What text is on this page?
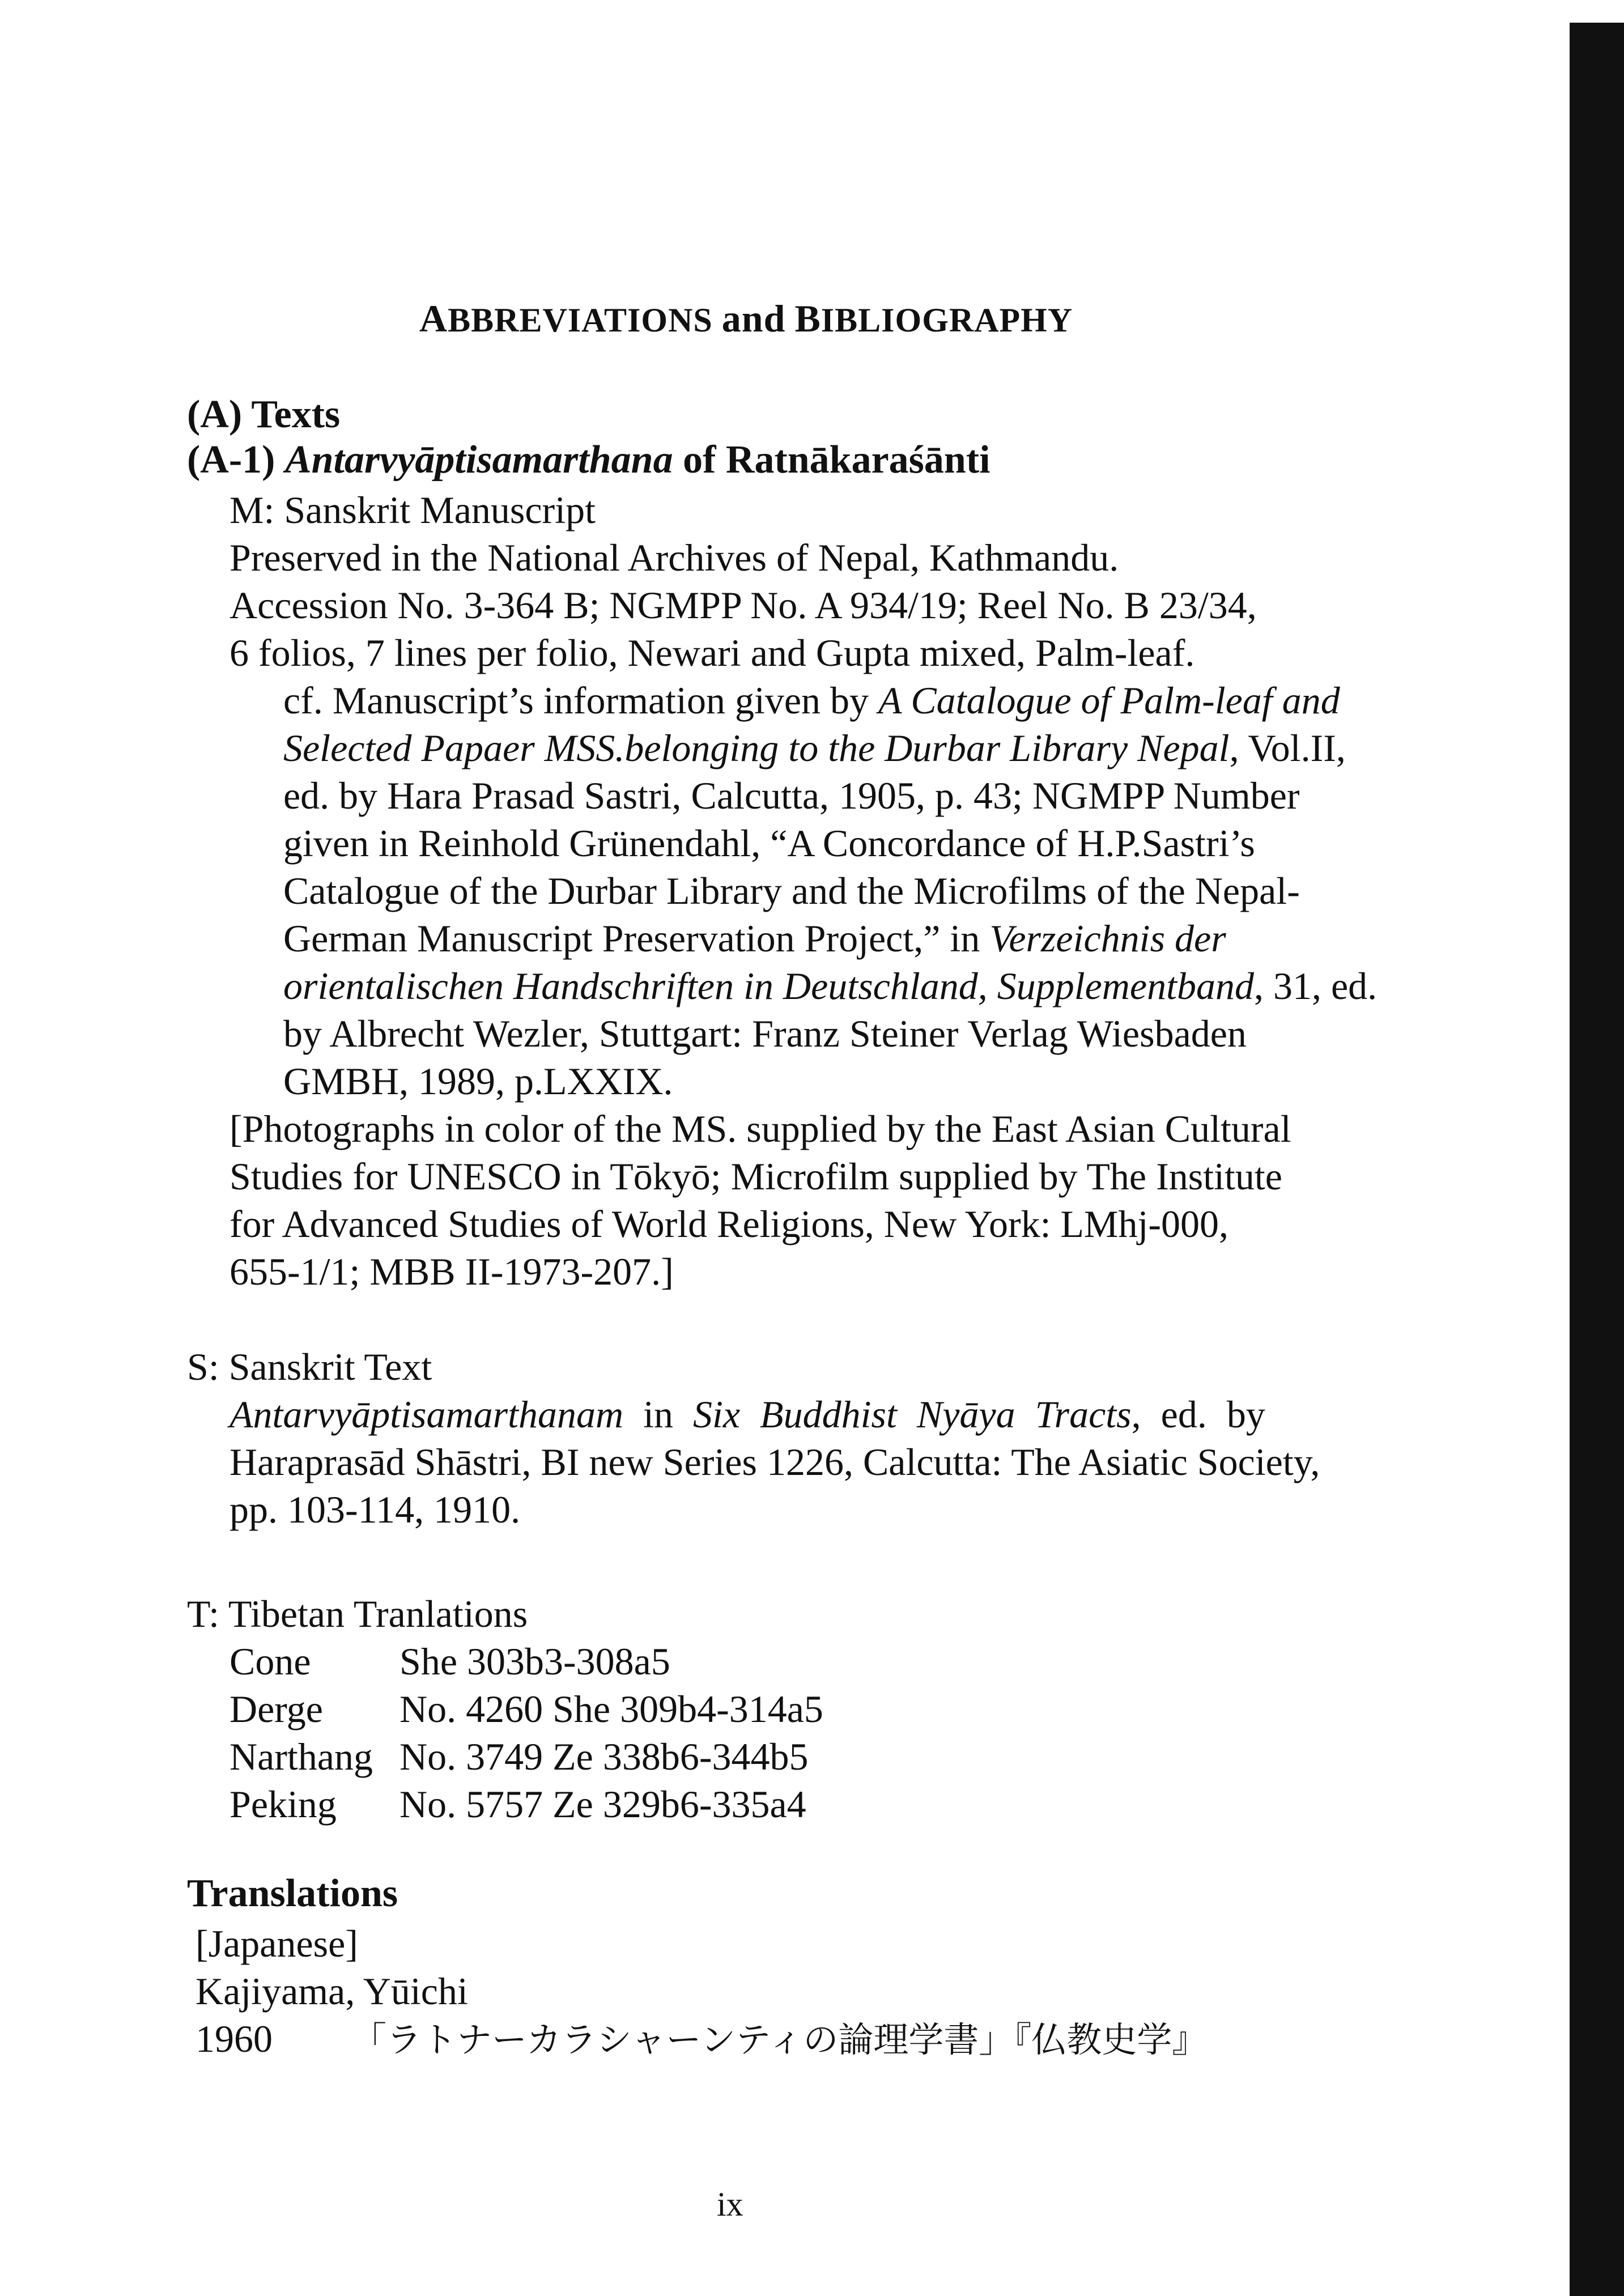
ABBREVIATIONS and BIBLIOGRAPHY
(A) Texts
(A-1) Antarvyāptisamarthana of Ratnākaraśānti
M: Sanskrit Manuscript
Preserved in the National Archives of Nepal, Kathmandu.
Accession No. 3-364 B; NGMPP No. A 934/19; Reel No. B 23/34,
6 folios, 7 lines per folio, Newari and Gupta mixed, Palm-leaf.
cf. Manuscript’s information given by A Catalogue of Palm-leaf and
Selected Papaer MSS.belonging to the Durbar Library Nepal, Vol.II,
ed. by Hara Prasad Sastri, Calcutta, 1905, p. 43; NGMPP Number
given in Reinhold Grünendahl, “A Concordance of H.P.Sastri’s
Catalogue of the Durbar Library and the Microfilms of the Nepal-
German Manuscript Preservation Project,” in Verzeichnis der
orientalischen Handschriften in Deutschland, Supplementband, 31, ed.
by Albrecht Wezler, Stuttgart: Franz Steiner Verlag Wiesbaden
GMBH, 1989, p.LXXIX.
[Photographs in color of the MS. supplied by the East Asian Cultural
Studies for UNESCO in Tōkyō; Microfilm supplied by The Institute
for Advanced Studies of World Religions, New York: LMhj-000,
655-1/1; MBB II-1973-207.]
S: Sanskrit Text
Antarvyāptisamarthanam in Six Buddhist Nyāya Tracts, ed. by
Haraprasād Shāstri, BI new Series 1226, Calcutta: The Asiatic Society,
pp. 103-114, 1910.
T: Tibetan Tranlations
Cone	She 303b3-308a5
Derge	No. 4260 She 309b4-314a5
Narthang	No. 3749 Ze 338b6-344b5
Peking	No. 5757 Ze 329b6-335a4
Translations
[Japanese]
Kajiyama, Yūichi
1960 「ラトナーカラシャーンティの論理学書」『仏教史学』
ix
